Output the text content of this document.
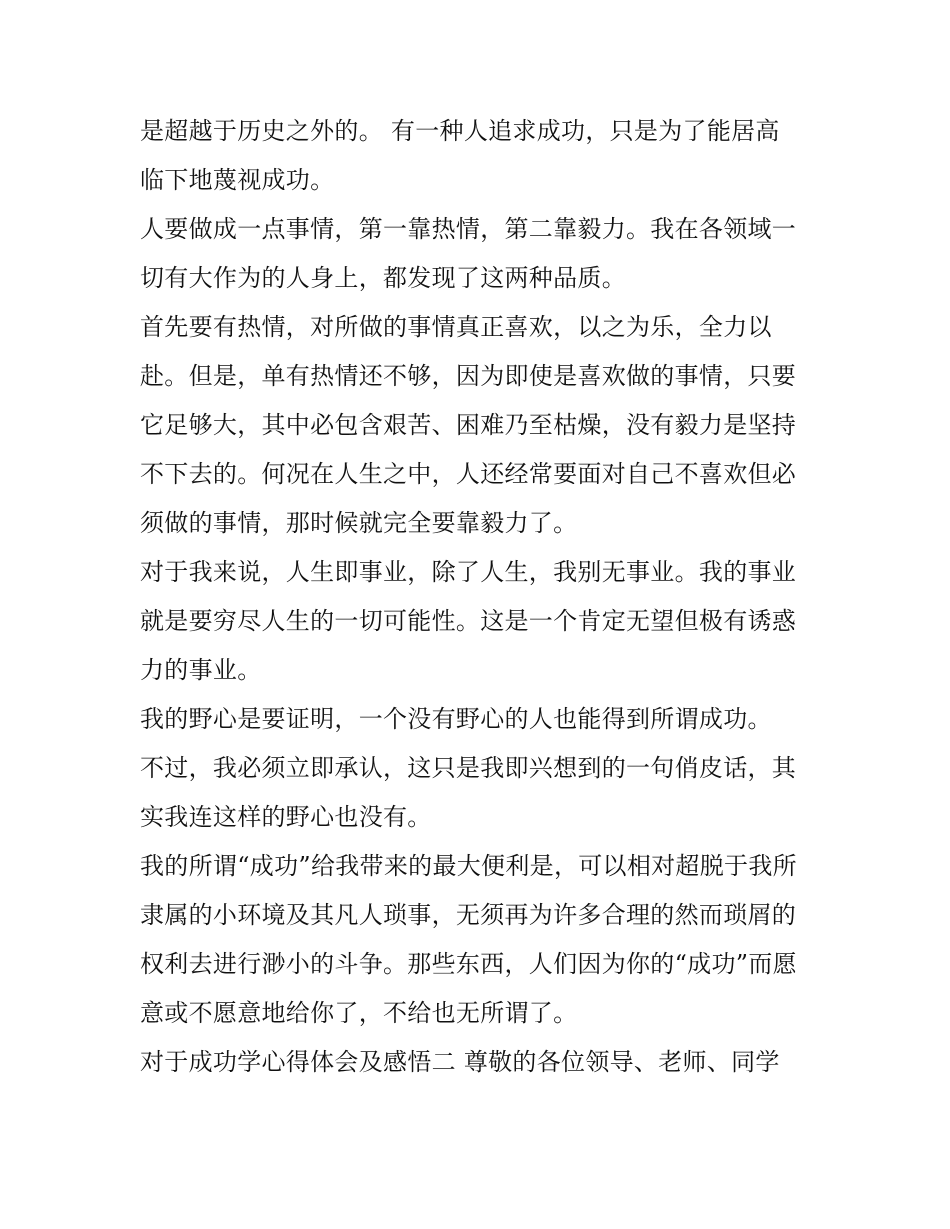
是超越于历史之外的。 有一种人追求成功，只是为了能居高
临下地蔑视成功。
人要做成一点事情，第一靠热情，第二靠毅力。我在各领域一
切有大作为的人身上，都发现了这两种品质。
首先要有热情，对所做的事情真正喜欢，以之为乐，全力以
赴。但是，单有热情还不够，因为即使是喜欢做的事情，只要
它足够大，其中必包含艰苦、困难乃至枯燥，没有毅力是坚持
不下去的。何况在人生之中，人还经常要面对自己不喜欢但必
须做的事情，那时候就完全要靠毅力了。
对于我来说，人生即事业，除了人生，我别无事业。我的事业
就是要穷尽人生的一切可能性。这是一个肯定无望但极有诱惑
力的事业。
我的野心是要证明，一个没有野心的人也能得到所谓成功。
不过，我必须立即承认，这只是我即兴想到的一句俏皮话，其
实我连这样的野心也没有。
我的所谓“成功”给我带来的最大便利是，可以相对超脱于我所
隶属的小环境及其凡人琐事，无须再为许多合理的然而琐屑的
权利去进行渺小的斗争。那些东西，人们因为你的“成功”而愿
意或不愿意地给你了，不给也无所谓了。
对于成功学心得体会及感悟二 尊敬的各位领导、老师、同学
